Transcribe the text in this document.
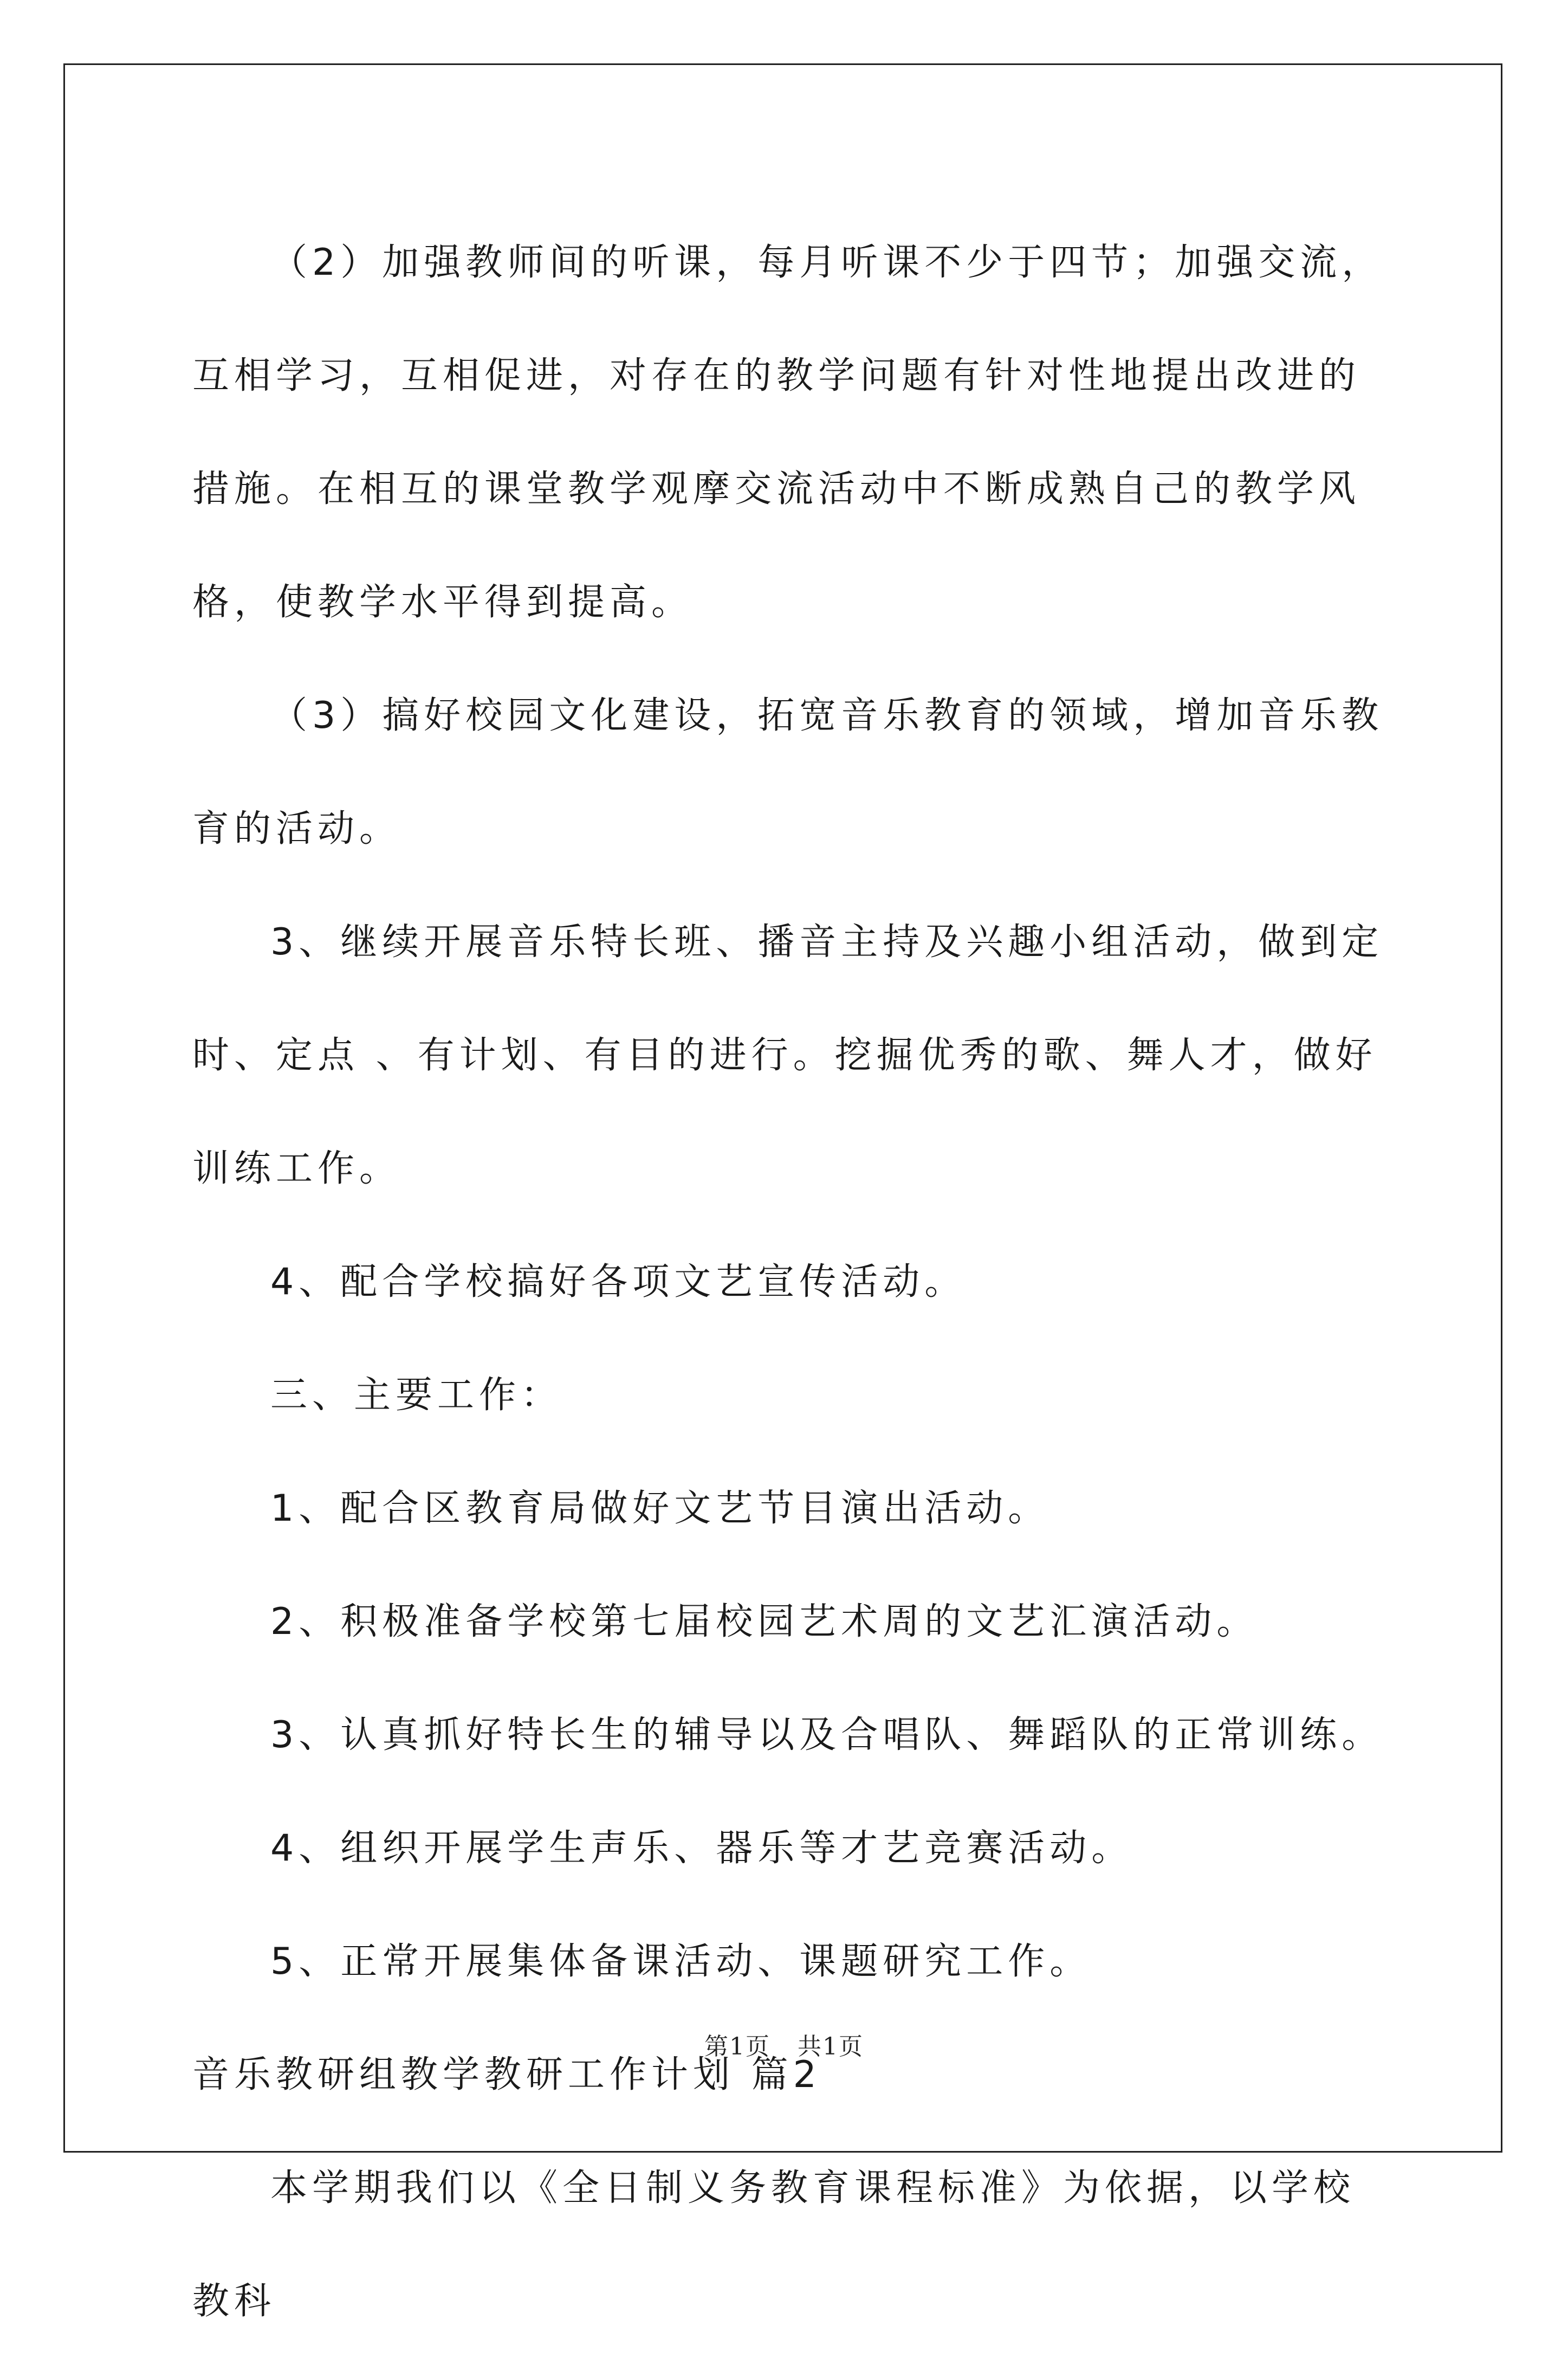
（2）加强教师间的听课，每月听课不少于四节；加强交流，互相学习，互相促进，对存在的教学问题有针对性地提出改进的措施。在相互的课堂教学观摩交流活动中不断成熟自己的教学风格，使教学水平得到提高。

（3）搞好校园文化建设，拓宽音乐教育的领域，增加音乐教育的活动。

3、继续开展音乐特长班、播音主持及兴趣小组活动，做到定时、定点 、有计划、有目的进行。挖掘优秀的歌、舞人才，做好训练工作。

4、配合学校搞好各项文艺宣传活动。

三、主要工作：

1、配合区教育局做好文艺节目演出活动。

2、积极准备学校第七届校园艺术周的文艺汇演活动。

3、认真抓好特长生的辅导以及合唱队、舞蹈队的正常训练。

4、组织开展学生声乐、器乐等才艺竞赛活动。

5、正常开展集体备课活动、课题研究工作。

音乐教研组教学教研工作计划 篇2

本学期我们以《全日制义务教育课程标准》为依据，以学校教科

第1页 共1页
